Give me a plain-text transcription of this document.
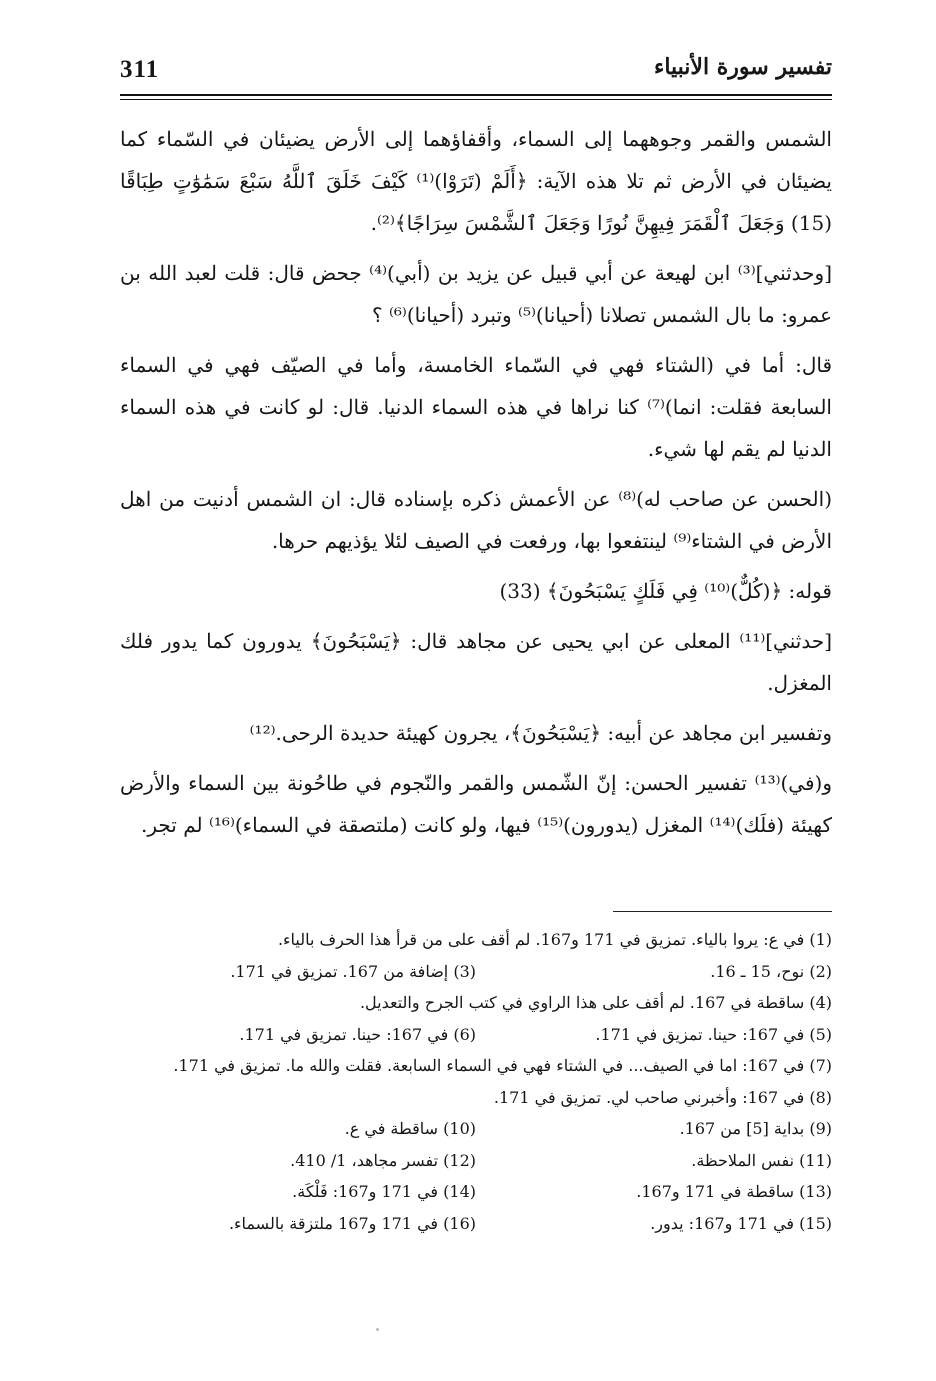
311	تفسير سورة الأنبياء

الشمس والقمر وجوههما إلى السماء، وأقفاؤهما إلى الأرض يضيئان في السّماء كما يضيئان في الأرض ثم تلا هذه الآية: ﴿أَلَمْ (تَرَوْا)⁽¹⁾ كَيْفَ خَلَقَ ٱللَّهُ سَبْعَ سَمَٰوَٰتٍ طِبَاقًا (15) وَجَعَلَ ٱلْقَمَرَ فِيهِنَّ نُورًا وَجَعَلَ ٱلشَّمْسَ سِرَاجًا﴾⁽²⁾.

[وحدثني]⁽³⁾ ابن لهيعة عن أبي قبيل عن يزيد بن (أبي)⁽⁴⁾ جحض قال: قلت لعبد الله بن عمرو: ما بال الشمس تصلانا (أحيانا)⁽⁵⁾ وتبرد (أحيانا)⁽⁶⁾ ؟

قال: أما في (الشتاء فهي في السّماء الخامسة، وأما في الصيّف فهي في السماء السابعة فقلت: انما)⁽⁷⁾ كنا نراها في هذه السماء الدنيا. قال: لو كانت في هذه السماء الدنيا لم يقم لها شيء.

(الحسن عن صاحب له)⁽⁸⁾ عن الأعمش ذكره بإسناده قال: ان الشمس أدنيت من اهل الأرض في الشتاء⁽⁹⁾ لينتفعوا بها، ورفعت في الصيف لئلا يؤذيهم حرها.

قوله: ﴿(كُلٌّ)⁽¹⁰⁾ فِي فَلَكٍ يَسْبَحُونَ﴾ (33)

[حدثني]⁽¹¹⁾ المعلى عن ابي يحيى عن مجاهد قال: ﴿يَسْبَحُونَ﴾ يدورون كما يدور فلك المغزل.

وتفسير ابن مجاهد عن أبيه: ﴿يَسْبَحُونَ﴾، يجرون كهيئة حديدة الرحى.⁽¹²⁾

و(في)⁽¹³⁾ تفسير الحسن: إنّ الشّمس والقمر والنّجوم في طاحُونة بين السماء والأرض كهيئة (فلَك)⁽¹⁴⁾ المغزل (يدورون)⁽¹⁵⁾ فيها، ولو كانت (ملتصقة في السماء)⁽¹⁶⁾ لم تجر.

(1) في ع: يروا بالياء. تمزيق في 171 و167. لم أقف على من قرأ هذا الحرف بالياء.
(2) نوح، 15 ـ 16.
(3) إضافة من 167. تمزيق في 171.
(4) ساقطة في 167. لم أقف على هذا الراوي في كتب الجرح والتعديل.
(5) في 167: حينا. تمزيق في 171.
(6) في 167: حينا. تمزيق في 171.
(7) في 167: اما في الصيف... في الشتاء فهي في السماء السابعة. فقلت والله ما. تمزيق في 171.
(8) في 167: وأخبرني صاحب لي. تمزيق في 171.
(9) بداية [5] من 167.
(10) ساقطة في ع.
(11) نفس الملاحظة.
(12) تفسر مجاهد، 1/ 410.
(13) ساقطة في 171 و167.
(14) في 171 و167: فَلْكَة.
(15) في 171 و167: يدور.
(16) في 171 و167 ملتزقة بالسماء.
